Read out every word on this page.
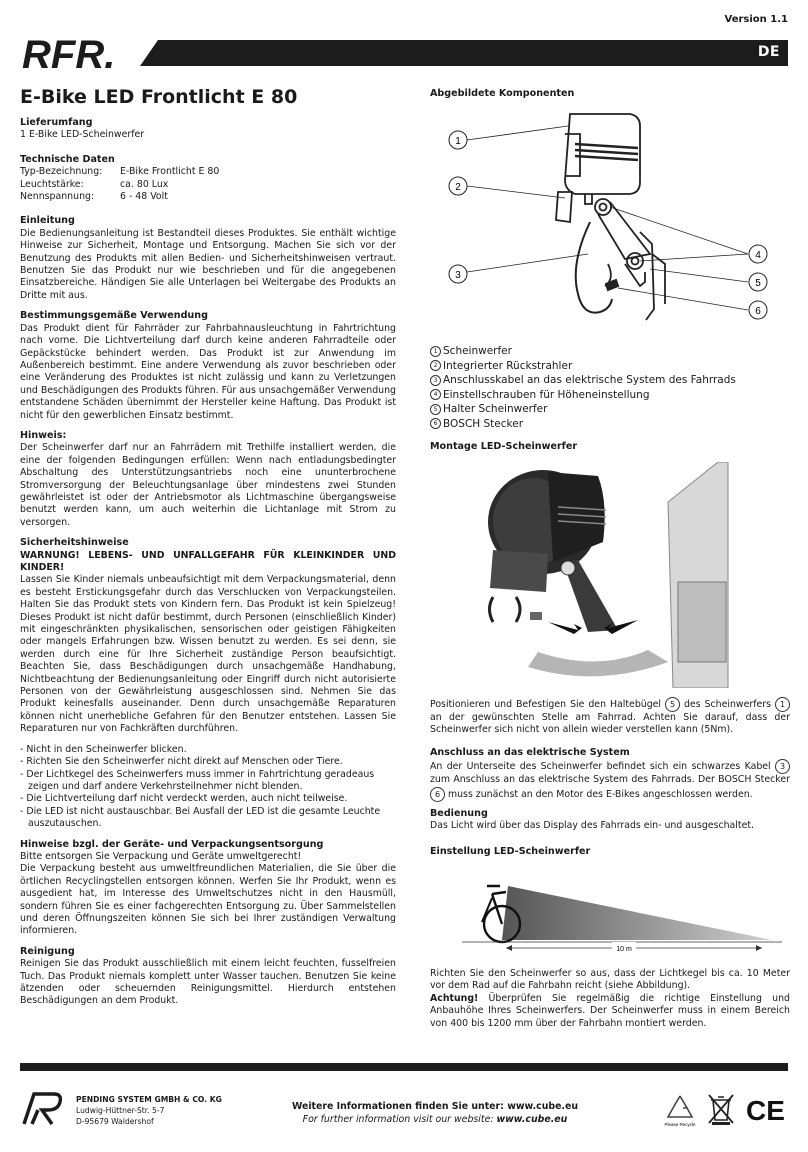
Version 1.1
RFR.	DE
E-Bike LED Frontlicht E 80
Lieferumfang

1 E-Bike LED-Scheinwerfer

Technische Daten
Typ-Bezeichnung:	E-Bike Frontlicht E 80
Leuchtstärke:	ca. 80 Lux
Nennspannung:	6 - 48 Volt
Einleitung

Die Bedienungsanleitung ist Bestandteil dieses Produktes. Sie enthält wichtige Hinweise zur Sicherheit, Montage und Entsorgung. Machen Sie sich vor der Benutzung des Produkts mit allen Bedien- und Sicherheitshinweisen vertraut. Benutzen Sie das Produkt nur wie beschrieben und für die angegebenen Einsatzbereiche. Händigen Sie alle Unterlagen bei Weitergabe des Produkts an Dritte mit aus.

Bestimmungsgemäße Verwendung

Das Produkt dient für Fahrräder zur Fahrbahnausleuchtung in Fahrtrichtung nach vorne. Die Lichtverteilung darf durch keine anderen Fahrradteile oder Gepäckstücke behindert werden. Das Produkt ist zur Anwendung im Außenbereich bestimmt. Eine andere Verwendung als zuvor beschrieben oder eine Veränderung des Produktes ist nicht zulässig und kann zu Verletzungen und Beschädigungen des Produkts führen. Für aus unsachgemäßer Verwendung entstandene Schäden übernimmt der Hersteller keine Haftung. Das Produkt ist nicht für den gewerblichen Einsatz bestimmt.

Hinweis:

Der Scheinwerfer darf nur an Fahrrädern mit Trethilfe installiert werden, die eine der folgenden Bedingungen erfüllen: Wenn nach entladungsbedingter Abschaltung des Unterstützungsantriebs noch eine ununterbrochene Stromversorgung der Beleuchtungsanlage über mindestens zwei Stunden gewährleistet ist oder der Antriebsmotor als Lichtmaschine übergangsweise benutzt werden kann, um auch weiterhin die Lichtanlage mit Strom zu versorgen.

Sicherheitshinweise

WARNUNG! LEBENS- UND UNFALLGEFAHR FÜR KLEINKINDER UND KINDER!

Lassen Sie Kinder niemals unbeaufsichtigt mit dem Verpackungsmaterial, denn es besteht Erstickungsgefahr durch das Verschlucken von Verpackungsteilen. Halten Sie das Produkt stets von Kindern fern. Das Produkt ist kein Spielzeug! Dieses Produkt ist nicht dafür bestimmt, durch Personen (einschließlich Kinder) mit eingeschränkten physikalischen, sensorischen oder geistigen Fähigkeiten oder mangels Erfahrungen bzw. Wissen benutzt zu werden. Es sei denn, sie werden durch eine für Ihre Sicherheit zuständige Person beaufsichtigt. Beachten Sie, dass Beschädigungen durch unsachgemäße Handhabung, Nichtbeachtung der Bedienungsanleitung oder Eingriff durch nicht autorisierte Personen von der Gewährleistung ausgeschlossen sind. Nehmen Sie das Produkt keinesfalls auseinander. Denn durch unsachgemäße Reparaturen können nicht unerhebliche Gefahren für den Benutzer entstehen. Lassen Sie Reparaturen nur von Fachkräften durchführen.

- Nicht in den Scheinwerfer blicken.
- Richten Sie den Scheinwerfer nicht direkt auf Menschen oder Tiere.
- Der Lichtkegel des Scheinwerfers muss immer in Fahrtrichtung geradeaus zeigen und darf andere Verkehrsteilnehmer nicht blenden.
- Die Lichtverteilung darf nicht verdeckt werden, auch nicht teilweise.
- Die LED ist nicht austauschbar. Bei Ausfall der LED ist die gesamte Leuchte auszutauschen.
Hinweise bzgl. der Geräte- und Verpackungsentsorgung

Bitte entsorgen Sie Verpackung und Geräte umweltgerecht!

Die Verpackung besteht aus umweltfreundlichen Materialien, die Sie über die örtlichen Recyclingstellen entsorgen können. Werfen Sie Ihr Produkt, wenn es ausgedient hat, im Interesse des Umweltschutzes nicht in den Hausmüll, sondern führen Sie es einer fachgerechten Entsorgung zu. Über Sammelstellen und deren Öffnungszeiten können Sie sich bei Ihrer zuständigen Verwaltung informieren.

Reinigung

Reinigen Sie das Produkt ausschließlich mit einem leicht feuchten, fusselfreien Tuch. Das Produkt niemals komplett unter Wasser tauchen. Benutzen Sie keine ätzenden oder scheuernden Reinigungsmittel. Hierdurch entstehen Beschädigungen an dem Produkt.

Abgebildete Komponenten
1
2
3
4
5
6
1 Scheinwerfer
2 Integrierter Rückstrahler
3 Anschlusskabel an das elektrische System des Fahrrads
4 Einstellschrauben für Höheneinstellung
5 Halter Scheinwerfer
6 BOSCH Stecker
Montage LED-Scheinwerfer

Positionieren und Befestigen Sie den Haltebügel 5 des Scheinwerfers 1 an der gewünschten Stelle am Fahrrad. Achten Sie darauf, dass der Scheinwerfer sich nicht von allein wieder verstellen kann (5Nm).

Anschluss an das elektrische System

An der Unterseite des Scheinwerfer befindet sich ein schwarzes Kabel 3 zum Anschluss an das elektrische System des Fahrrads. Der BOSCH Stecker 6 muss zunächst an den Motor des E-Bikes angeschlossen werden.

Bedienung

Das Licht wird über das Display des Fahrrads ein- und ausgeschaltet.

Einstellung LED-Scheinwerfer
10 m

Richten Sie den Scheinwerfer so aus, dass der Lichtkegel bis ca. 10 Meter vor dem Rad auf die Fahrbahn reicht (siehe Abbildung).

Achtung! Überprüfen Sie regelmäßig die richtige Einstellung und Anbauhöhe Ihres Scheinwerfers. Der Scheinwerfer muss in einem Bereich von 400 bis 1200 mm über der Fahrbahn montiert werden.

PENDING SYSTEM GMBH & CO. KG
Ludwig-Hüttner-Str. 5-7
D-95679 Waldershof
Weitere Informationen finden Sie unter: www.cube.eu
For further information visit our website: www.cube.eu	Please Recycle CE
